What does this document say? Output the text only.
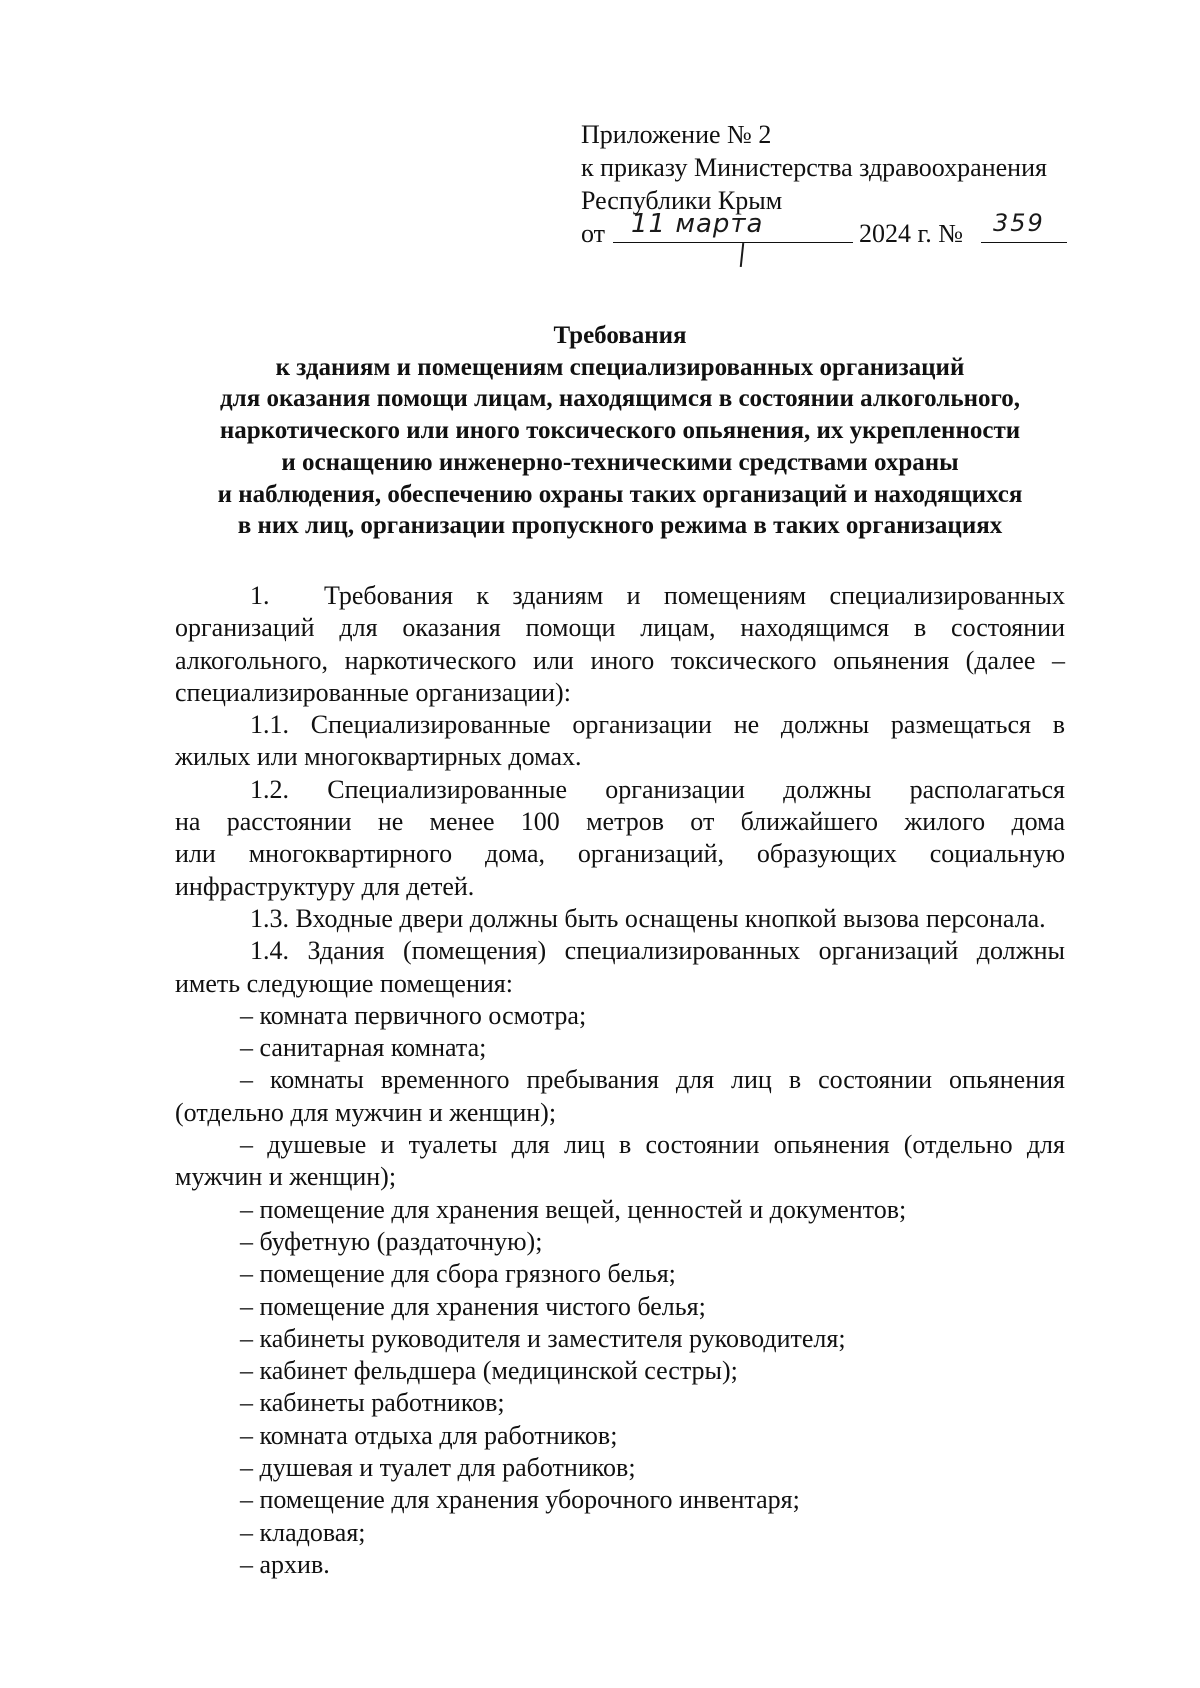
Приложение № 2
к приказу Министерства здравоохранения
Республики Крым
от 11 марта	2024 г. № 359
Требования
к зданиям и помещениям специализированных организаций
для оказания помощи лицам, находящимся в состоянии алкогольного,
наркотического или иного токсического опьянения, их укрепленности
и оснащению инженерно-техническими средствами охраны
и наблюдения, обеспечению охраны таких организаций и находящихся
в них лиц, организации пропускного режима в таких организациях
1. Требования к зданиям и помещениям специализированных
организаций для оказания помощи лицам, находящимся в состоянии
алкогольного, наркотического или иного токсического опьянения (далее –
специализированные организации):
1.1. Специализированные организации не должны размещаться в
жилых или многоквартирных домах.
1.2. Специализированные организации должны располагаться
на расстоянии не менее 100 метров от ближайшего жилого дома
или многоквартирного дома, организаций, образующих социальную
инфраструктуру для детей.
1.3. Входные двери должны быть оснащены кнопкой вызова персонала.
1.4. Здания (помещения) специализированных организаций должны
иметь следующие помещения:
– комната первичного осмотра;
– санитарная комната;
– комнаты временного пребывания для лиц в состоянии опьянения
(отдельно для мужчин и женщин);
– душевые и туалеты для лиц в состоянии опьянения (отдельно для
мужчин и женщин);
– помещение для хранения вещей, ценностей и документов;
– буфетную (раздаточную);
– помещение для сбора грязного белья;
– помещение для хранения чистого белья;
– кабинеты руководителя и заместителя руководителя;
– кабинет фельдшера (медицинской сестры);
– кабинеты работников;
– комната отдыха для работников;
– душевая и туалет для работников;
– помещение для хранения уборочного инвентаря;
– кладовая;
– архив.
